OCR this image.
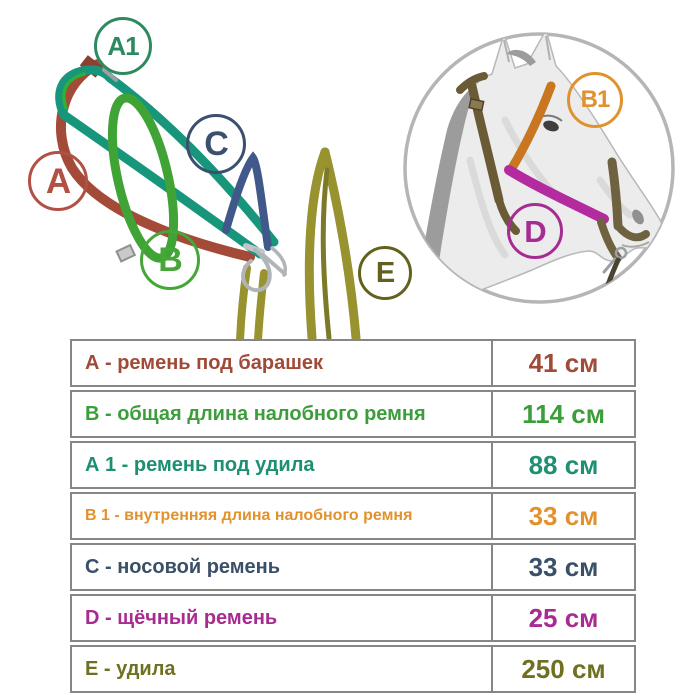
A1
A
C
B
B1
D
E
А - ремень под барашек	41 см
В - общая длина налобного ремня	114 см
А 1 - ремень под удила	88 см
В 1 - внутренняя длина налобного ремня	33 см
С - носовой ремень	33 см
D - щёчный ремень	25 см
Е - удила	250 см
